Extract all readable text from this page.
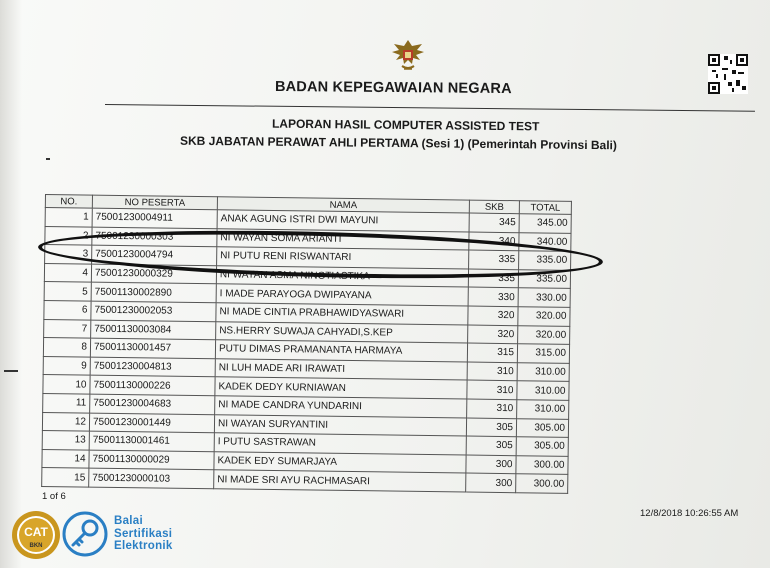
BADAN KEPEGAWAIAN NEGARA
LAPORAN HASIL COMPUTER ASSISTED TEST
SKB JABATAN PERAWAT AHLI PERTAMA (Sesi 1) (Pemerintah Provinsi Bali)
NO.	NO PESERTA	NAMA	SKB	TOTAL
1	75001230004911	ANAK AGUNG ISTRI DWI MAYUNI	345	345.00
2	75001230000303	NI WAYAN SOMA ARIANTI	340	340.00
3	75001230004794	NI PUTU RENI RISWANTARI	335	335.00
4	75001230000329	NI WAYAN ASMA NINGTIASTIKA	335	335.00
5	75001130002890	I MADE PARAYOGA DWIPAYANA	330	330.00
6	75001230002053	NI MADE CINTIA PRABHAWIDYASWARI	320	320.00
7	75001130003084	NS.HERRY SUWAJA CAHYADI,S.KEP	320	320.00
8	75001130001457	PUTU DIMAS PRAMANANTA HARMAYA	315	315.00
9	75001230004813	NI LUH MADE ARI IRAWATI	310	310.00
10	75001130000226	KADEK DEDY KURNIAWAN	310	310.00
11	75001230004683	NI MADE CANDRA YUNDARINI	310	310.00
12	75001230001449	NI WAYAN SURYANTINI	305	305.00
13	75001130001461	I PUTU SASTRAWAN	305	305.00
14	75001130000029	KADEK EDY SUMARJAYA	300	300.00
15	75001230000103	NI MADE SRI AYU RACHMASARI	300	300.00
1 of 6
12/8/2018 10:26:55 AM
CAT
BKN
Balai
Sertifikasi
Elektronik
